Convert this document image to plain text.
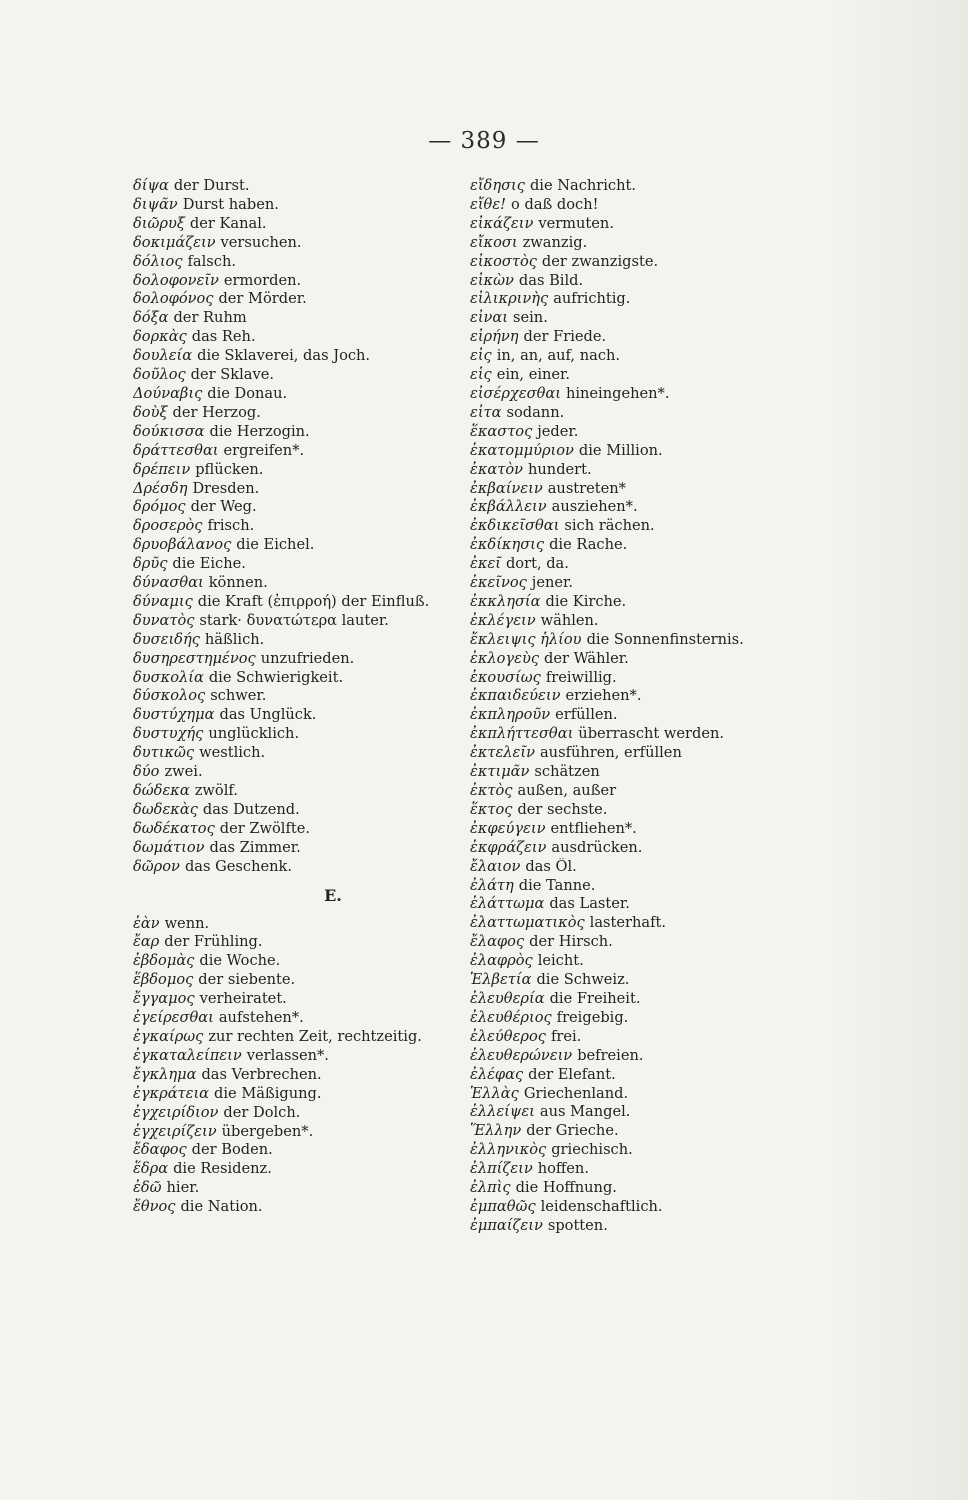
— 389 —
δίψα der Durst.
διψᾶν Durst haben.
διῶρυξ der Kanal.
δοκιμάζειν versuchen.
δόλιος falsch.
δολοφονεῖν ermorden.
δολοφόνος der Mörder.
δόξα der Ruhm
δορκὰς das Reh.
δουλεία die Sklaverei, das Joch.
δοῦλος der Sklave.
Δούναβις die Donau.
δοὺξ der Herzog.
δούκισσα die Herzogin.
δράττεσθαι ergreifen*.
δρέπειν pflücken.
Δρέσδη Dresden.
δρόμος der Weg.
δροσερὸς frisch.
δρυοβάλανος die Eichel.
δρῦς die Eiche.
δύνασθαι können.
δύναμις die Kraft (ἐπιρροή) der Einfluß.
δυνατὸς stark· δυνατώτερα lauter.
δυσειδής häßlich.
δυσηρεστημένος unzufrieden.
δυσκολία die Schwierigkeit.
δύσκολος schwer.
δυστύχημα das Unglück.
δυστυχής unglücklich.
δυτικῶς westlich.
δύο zwei.
δώδεκα zwölf.
δωδεκὰς das Dutzend.
δωδέκατος der Zwölfte.
δωμάτιον das Zimmer.
δῶρον das Geschenk.
E.
ἐὰν wenn.
ἔαρ der Frühling.
ἑβδομὰς die Woche.
ἕβδομος der siebente.
ἔγγαμος verheiratet.
ἐγείρεσθαι aufstehen*.
ἐγκαίρως zur rechten Zeit, rechtzeitig.
ἐγκαταλείπειν verlassen*.
ἔγκλημα das Verbrechen.
ἐγκράτεια die Mäßigung.
ἐγχειρίδιον der Dolch.
ἐγχειρίζειν übergeben*.
ἔδαφος der Boden.
ἕδρα die Residenz.
ἐδῶ hier.
ἔθνος die Nation.
εἴδησις die Nachricht.
εἴθε! o daß doch!
εἰκάζειν vermuten.
εἴκοσι zwanzig.
εἰκοστὸς der zwanzigste.
εἰκὼν das Bild.
εἰλικρινὴς aufrichtig.
εἶναι sein.
εἰρήνη der Friede.
εἰς in, an, auf, nach.
εἷς ein, einer.
εἰσέρχεσθαι hineingehen*.
εἶτα sodann.
ἕκαστος jeder.
ἑκατομμύριον die Million.
ἑκατὸν hundert.
ἐκβαίνειν austreten*
ἐκβάλλειν ausziehen*.
ἐκδικεῖσθαι sich rächen.
ἐκδίκησις die Rache.
ἐκεῖ dort, da.
ἐκεῖνος jener.
ἐκκλησία die Kirche.
ἐκλέγειν wählen.
ἔκλειψις ἡλίου die Sonnenfinsternis.
ἐκλογεὺς der Wähler.
ἑκουσίως freiwillig.
ἐκπαιδεύειν erziehen*.
ἐκπληροῦν erfüllen.
ἐκπλήττεσθαι überrascht werden.
ἐκτελεῖν ausführen, erfüllen
ἐκτιμᾶν schätzen
ἐκτὸς außen, außer
ἕκτος der sechste.
ἐκφεύγειν entfliehen*.
ἐκφράζειν ausdrücken.
ἔλαιον das Öl.
ἐλάτη die Tanne.
ἐλάττωμα das Laster.
ἐλαττωματικὸς lasterhaft.
ἔλαφος der Hirsch.
ἐλαφρὸς leicht.
Ἑλβετία die Schweiz.
ἐλευθερία die Freiheit.
ἐλευθέριος freigebig.
ἐλεύθερος frei.
ἐλευθερώνειν befreien.
ἐλέφας der Elefant.
Ἑλλὰς Griechenland.
ἐλλείψει aus Mangel.
Ἕλλην der Grieche.
ἑλληνικὸς griechisch.
ἐλπίζειν hoffen.
ἐλπὶς die Hoffnung.
ἐμπαθῶς leidenschaftlich.
ἐμπαίζειν spotten.
